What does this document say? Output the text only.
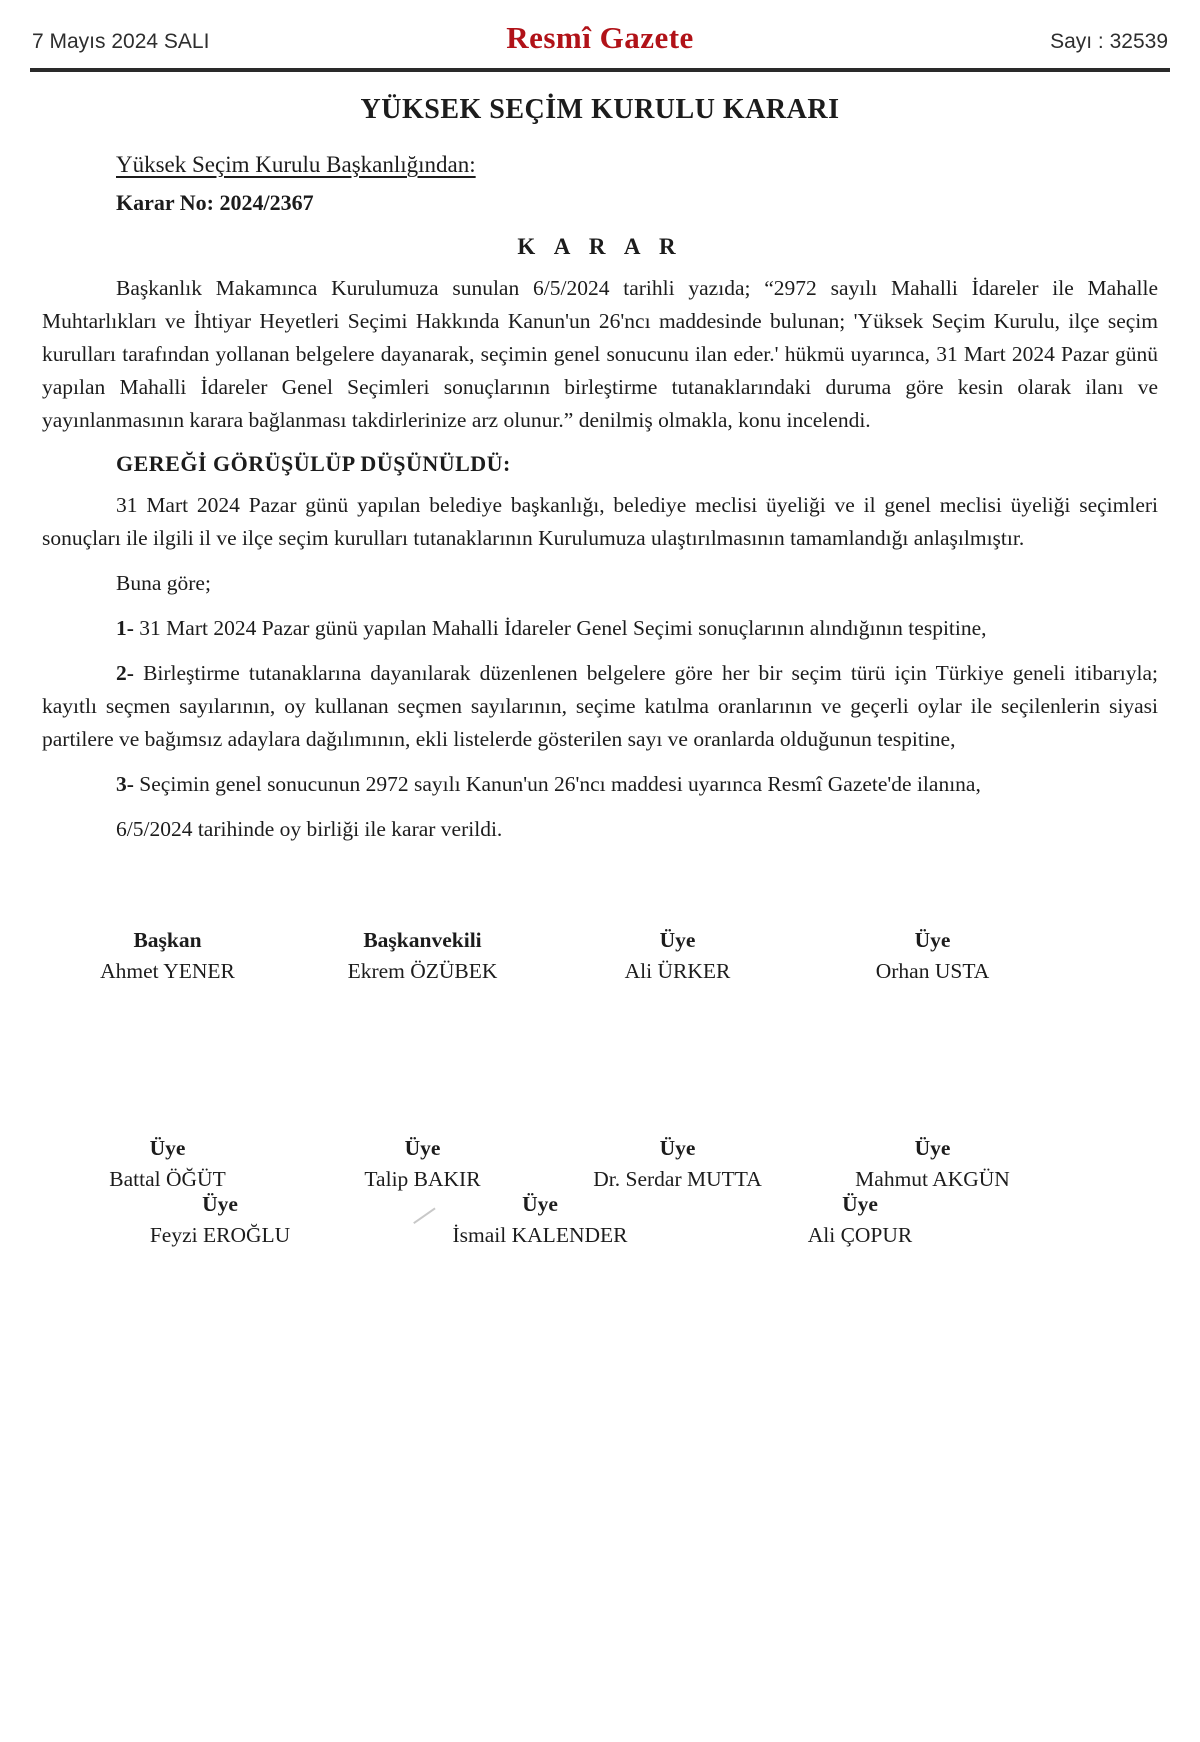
7 Mayıs 2024 SALI	Resmî Gazete	Sayı : 32539
YÜKSEK SEÇİM KURULU KARARI
Yüksek Seçim Kurulu Başkanlığından:
Karar No: 2024/2367
K A R A R

Başkanlık Makamınca Kurulumuza sunulan 6/5/2024 tarihli yazıda; “2972 sayılı Mahalli İdareler ile Mahalle Muhtarlıkları ve İhtiyar Heyetleri Seçimi Hakkında Kanun'un 26'ncı maddesinde bulunan; 'Yüksek Seçim Kurulu, ilçe seçim kurulları tarafından yollanan belgelere dayanarak, seçimin genel sonucunu ilan eder.' hükmü uyarınca, 31 Mart 2024 Pazar günü yapılan Mahalli İdareler Genel Seçimleri sonuçlarının birleştirme tutanaklarındaki duruma göre kesin olarak ilanı ve yayınlanmasının karara bağlanması takdirlerinize arz olunur.” denilmiş olmakla, konu incelendi.

GEREĞİ GÖRÜŞÜLÜP DÜŞÜNÜLDÜ:

31 Mart 2024 Pazar günü yapılan belediye başkanlığı, belediye meclisi üyeliği ve il genel meclisi üyeliği seçimleri sonuçları ile ilgili il ve ilçe seçim kurulları tutanaklarının Kurulumuza ulaştırılmasının tamamlandığı anlaşılmıştır.

Buna göre;

1- 31 Mart 2024 Pazar günü yapılan Mahalli İdareler Genel Seçimi sonuçlarının alındığının tespitine,

2- Birleştirme tutanaklarına dayanılarak düzenlenen belgelere göre her bir seçim türü için Türkiye geneli itibarıyla; kayıtlı seçmen sayılarının, oy kullanan seçmen sayılarının, seçime katılma oranlarının ve geçerli oylar ile seçilenlerin siyasi partilere ve bağımsız adaylara dağılımının, ekli listelerde gösterilen sayı ve oranlarda olduğunun tespitine,

3- Seçimin genel sonucunun 2972 sayılı Kanun'un 26'ncı maddesi uyarınca Resmî Gazete'de ilanına,

6/5/2024 tarihinde oy birliği ile karar verildi.

Başkan
Ahmet YENER
Başkanvekili
Ekrem ÖZÜBEK
Üye
Ali ÜRKER
Üye
Orhan USTA
Üye
Battal ÖĞÜT
Üye
Talip BAKIR
Üye
Dr. Serdar MUTTA
Üye
Mahmut AKGÜN
Üye
Feyzi EROĞLU
Üye
İsmail KALENDER
Üye
Ali ÇOPUR
